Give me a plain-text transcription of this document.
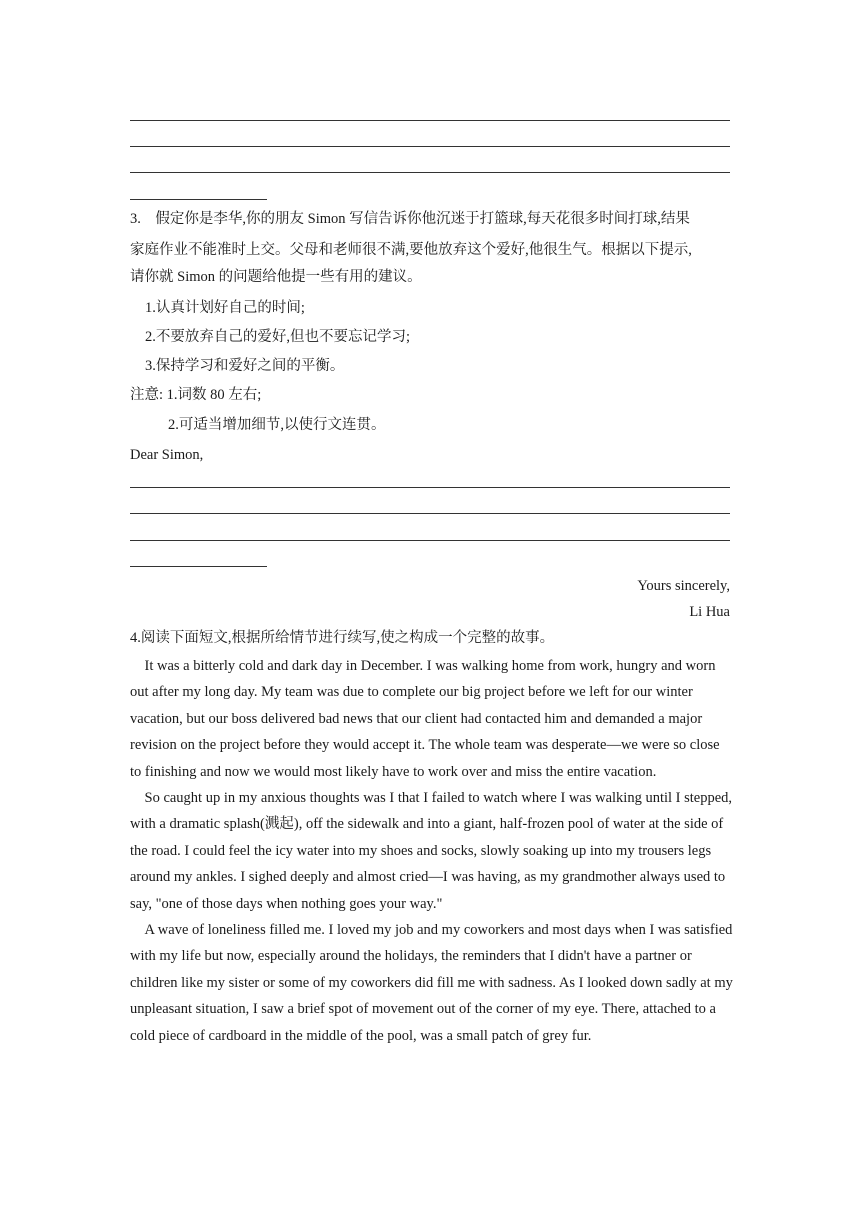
3.　假定你是李华,你的朋友 Simon 写信告诉你他沉迷于打篮球,每天花很多时间打球,结果
家庭作业不能准时上交。父母和老师很不满,要他放弃这个爱好,他很生气。根据以下提示,
请你就 Simon 的问题给他提一些有用的建议。
1.认真计划好自己的时间;
2.不要放弃自己的爱好,但也不要忘记学习;
3.保持学习和爱好之间的平衡。
注意: 1.词数 80 左右;
2.可适当增加细节,以使行文连贯。
Dear Simon,
Yours sincerely,
Li Hua
4.阅读下面短文,根据所给情节进行续写,使之构成一个完整的故事。

It was a bitterly cold and dark day in December. I was walking home from work, hungry and worn out after my long day. My team was due to complete our big project before we left for our winter vacation, but our boss delivered bad news that our client had contacted him and demanded a major revision on the project before they would accept it. The whole team was desperate—we were so close to finishing and now we would most likely have to work over and miss the entire vacation.

So caught up in my anxious thoughts was I that I failed to watch where I was walking until I stepped, with a dramatic splash(溅起), off the sidewalk and into a giant, half-frozen pool of water at the side of the road. I could feel the icy water into my shoes and socks, slowly soaking up into my trousers legs around my ankles. I sighed deeply and almost cried—I was having, as my grandmother always used to say, "one of those days when nothing goes your way."

A wave of loneliness filled me. I loved my job and my coworkers and most days when I was satisfied with my life but now, especially around the holidays, the reminders that I didn't have a partner or children like my sister or some of my coworkers did fill me with sadness. As I looked down sadly at my unpleasant situation, I saw a brief spot of movement out of the corner of my eye. There, attached to a cold piece of cardboard in the middle of the pool, was a small patch of grey fur.
